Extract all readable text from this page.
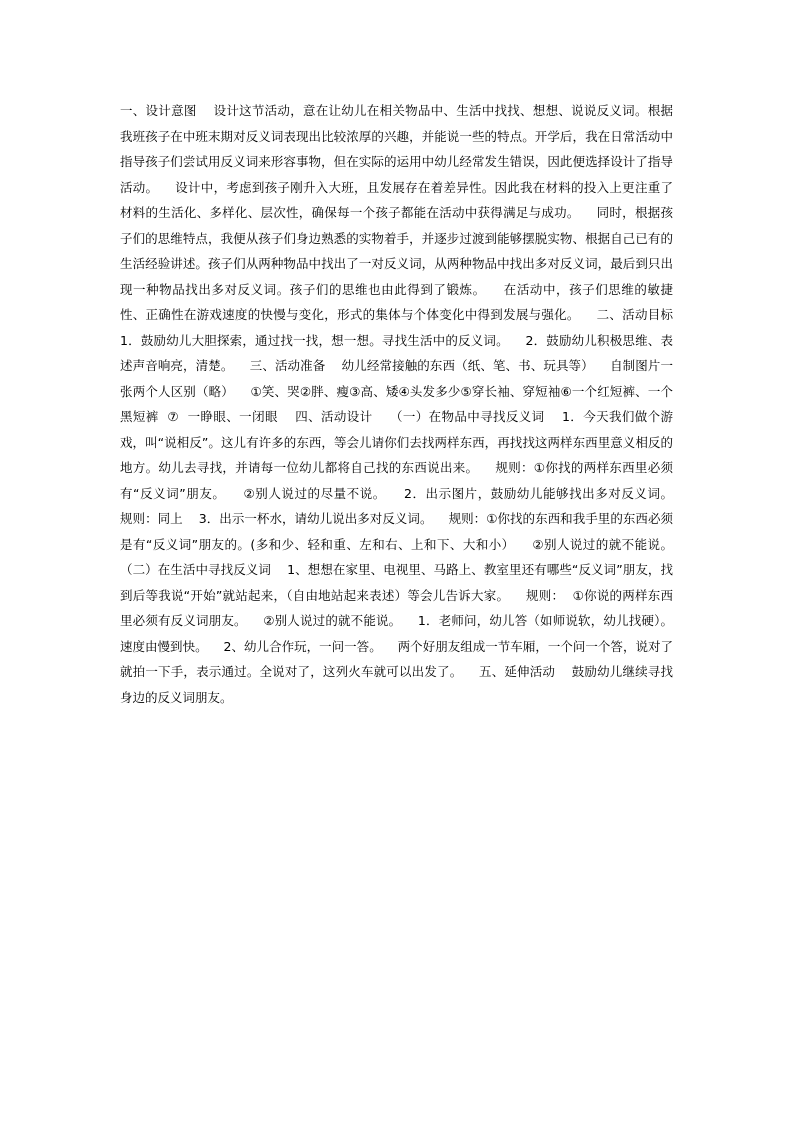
一、设计意图    设计这节活动，意在让幼儿在相关物品中、生活中找找、想想、说说反义词。根据我班孩子在中班末期对反义词表现出比较浓厚的兴趣，并能说一些的特点。开学后，我在日常活动中指导孩子们尝试用反义词来形容事物，但在实际的运用中幼儿经常发生错误，因此便选择设计了指导活动。    设计中，考虑到孩子刚升入大班，且发展存在着差异性。因此我在材料的投入上更注重了材料的生活化、多样化、层次性，确保每一个孩子都能在活动中获得满足与成功。    同时，根据孩子们的思维特点，我便从孩子们身边熟悉的实物着手，并逐步过渡到能够摆脱实物、根据自己已有的生活经验讲述。孩子们从两种物品中找出了一对反义词，从两种物品中找出多对反义词，最后到只出现一种物品找出多对反义词。孩子们的思维也由此得到了锻炼。    在活动中，孩子们思维的敏捷性、正确性在游戏速度的快慢与变化，形式的集体与个体变化中得到发展与强化。    二、活动目标    1．鼓励幼儿大胆探索，通过找一找，想一想。寻找生活中的反义词。    2．鼓励幼儿积极思维、表述声音响亮，清楚。    三、活动准备    幼儿经常接触的东西（纸、笔、书、玩具等）    自制图片一张两个人区别（略）    ①笑、哭②胖、瘦③高、矮④头发多少⑤穿长袖、穿短袖⑥一个红短裤、一个黑短裤  ⑦  一睁眼、一闭眼    四、活动设计    （一）在物品中寻找反义词    1．今天我们做个游戏，叫“说相反”。这儿有许多的东西，等会儿请你们去找两样东西，再找找这两样东西里意义相反的地方。幼儿去寻找，并请每一位幼儿都将自己找的东西说出来。    规则：①你找的两样东西里必须有“反义词”朋友。    ②别人说过的尽量不说。    2．出示图片，鼓励幼儿能够找出多对反义词。    规则：同上    3．出示一杯水，请幼儿说出多对反义词。    规则：①你找的东西和我手里的东西必须是有“反义词”朋友的。(多和少、轻和重、左和右、上和下、大和小）    ②别人说过的就不能说。    （二）在生活中寻找反义词    1、想想在家里、电视里、马路上、教室里还有哪些“反义词”朋友，找到后等我说“开始”就站起来，（自由地站起来表述）等会儿告诉大家。    规则：  ①你说的两样东西里必须有反义词朋友。    ②别人说过的就不能说。    1．老师问，幼儿答（如师说软，幼儿找硬）。速度由慢到快。    2、幼儿合作玩，一问一答。    两个好朋友组成一节车厢，一个问一个答，说对了就拍一下手，表示通过。全说对了，这列火车就可以出发了。    五、延伸活动    鼓励幼儿继续寻找身边的反义词朋友。
